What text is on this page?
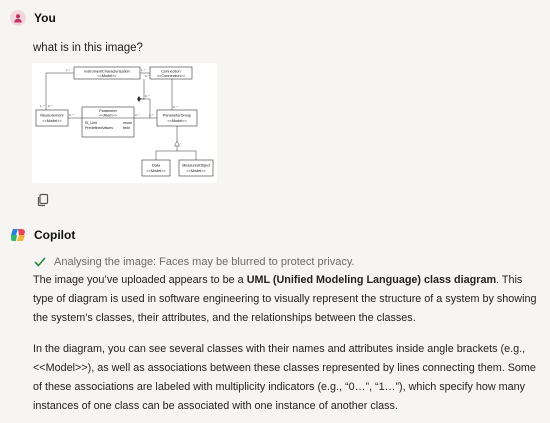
You
what is in this image?
InstrumentCharacterization
<<Model>>
Connection
<<Connection>>
Measurement
<<Model>>
Parameter
<<Atom>>	ParameterGroup
<<Model>>
Data
<<Model>>
MeasuredObject
<<Model>>
SI_Unit	enum
PredefinedValues	field
1..* 0..*
1..*	1..*
0..*
0..*	0..*	1..*
0..*
0..*
Copilot
Analysing the image: Faces may be blurred to protect privacy.

The image you’ve uploaded appears to be a UML (Unified Modeling Language) class diagram. This type of diagram is used in software engineering to visually represent the structure of a system by showing the system’s classes, their attributes, and the relationships between the classes.

In the diagram, you can see several classes with their names and attributes inside angle brackets (e.g., <<Model>>), as well as associations between these classes represented by lines connecting them. Some of these associations are labeled with multiplicity indicators (e.g., “0…”, “1…”), which specify how many instances of one class can be associated with one instance of another class.
